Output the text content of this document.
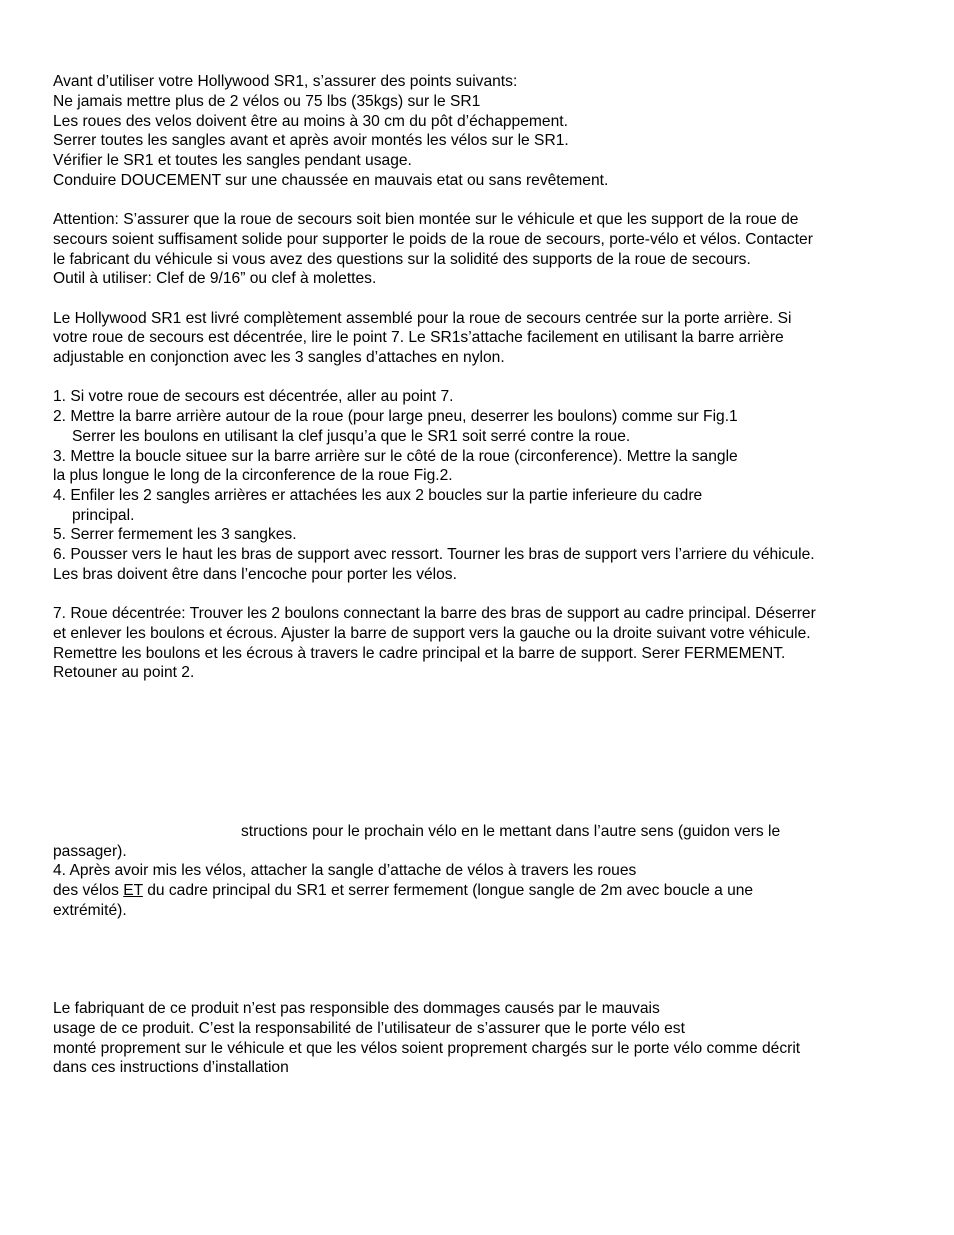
Avant d’utiliser votre Hollywood SR1, s’assurer des points suivants:

Ne jamais mettre plus de 2 vélos ou 75 lbs (35kgs) sur le SR1

Les roues des velos doivent être au moins à 30 cm du pôt d’échappement.

Serrer toutes les sangles avant et après avoir montés les vélos sur le SR1.

Vérifier le SR1 et toutes les sangles pendant usage.

Conduire DOUCEMENT sur une chaussée en mauvais etat ou sans revêtement.

Attention: S’assurer que la roue de secours soit bien montée sur le véhicule et que les support de la roue de

secours soient suffisament solide pour supporter le poids de la roue de secours, porte-vélo et vélos. Contacter

le fabricant du véhicule si vous avez des questions sur la solidité des supports de la roue de secours.

Outil à utiliser: Clef de 9/16” ou clef à molettes.

Le Hollywood SR1 est livré complètement assemblé pour la roue de secours centrée sur la porte arrière. Si

votre roue de secours est décentrée, lire le point 7. Le SR1s’attache facilement en utilisant la barre arrière

adjustable en conjonction avec les 3 sangles d’attaches en nylon.

1. Si votre roue de secours est décentrée, aller au point 7.

2. Mettre la barre arrière autour de la roue (pour large pneu, deserrer les boulons) comme sur Fig.1

Serrer les boulons en utilisant la clef jusqu’a que le SR1 soit serré contre la roue.

3. Mettre la boucle situee sur la barre arrière sur le côté de la roue (circonference). Mettre la sangle

la plus longue le long de la circonference de la roue Fig.2.

4. Enfiler les 2 sangles arrières er attachées les aux 2 boucles sur la partie inferieure du cadre

principal.

5. Serrer fermement les 3 sangkes.

6. Pousser vers le haut les bras de support avec ressort. Tourner les bras de support vers l’arriere du véhicule.

Les bras doivent être dans l’encoche pour porter les vélos.

7. Roue décentrée: Trouver les 2 boulons connectant la barre des bras de support au cadre principal. Déserrer

et enlever les boulons et écrous. Ajuster la barre de support vers la gauche ou la droite suivant votre véhicule.

Remettre les boulons et les écrous à travers le cadre principal et la barre de support. Serer FERMEMENT.

Retouner au point 2.

structions pour le prochain vélo en le mettant dans l’autre sens (guidon vers le

passager).

4. Après avoir mis les vélos, attacher la sangle d’attache de vélos à travers les roues

des vélos ET du cadre principal du SR1 et serrer fermement (longue sangle de 2m avec boucle a une

extrémité).

Le fabriquant de ce produit n’est pas responsible des dommages causés par le mauvais

usage de ce produit. C’est la responsabilité de l’utilisateur de s’assurer que le porte vélo est

monté proprement sur le véhicule et que les vélos soient proprement chargés sur le porte vélo comme décrit

dans ces instructions d’installation
